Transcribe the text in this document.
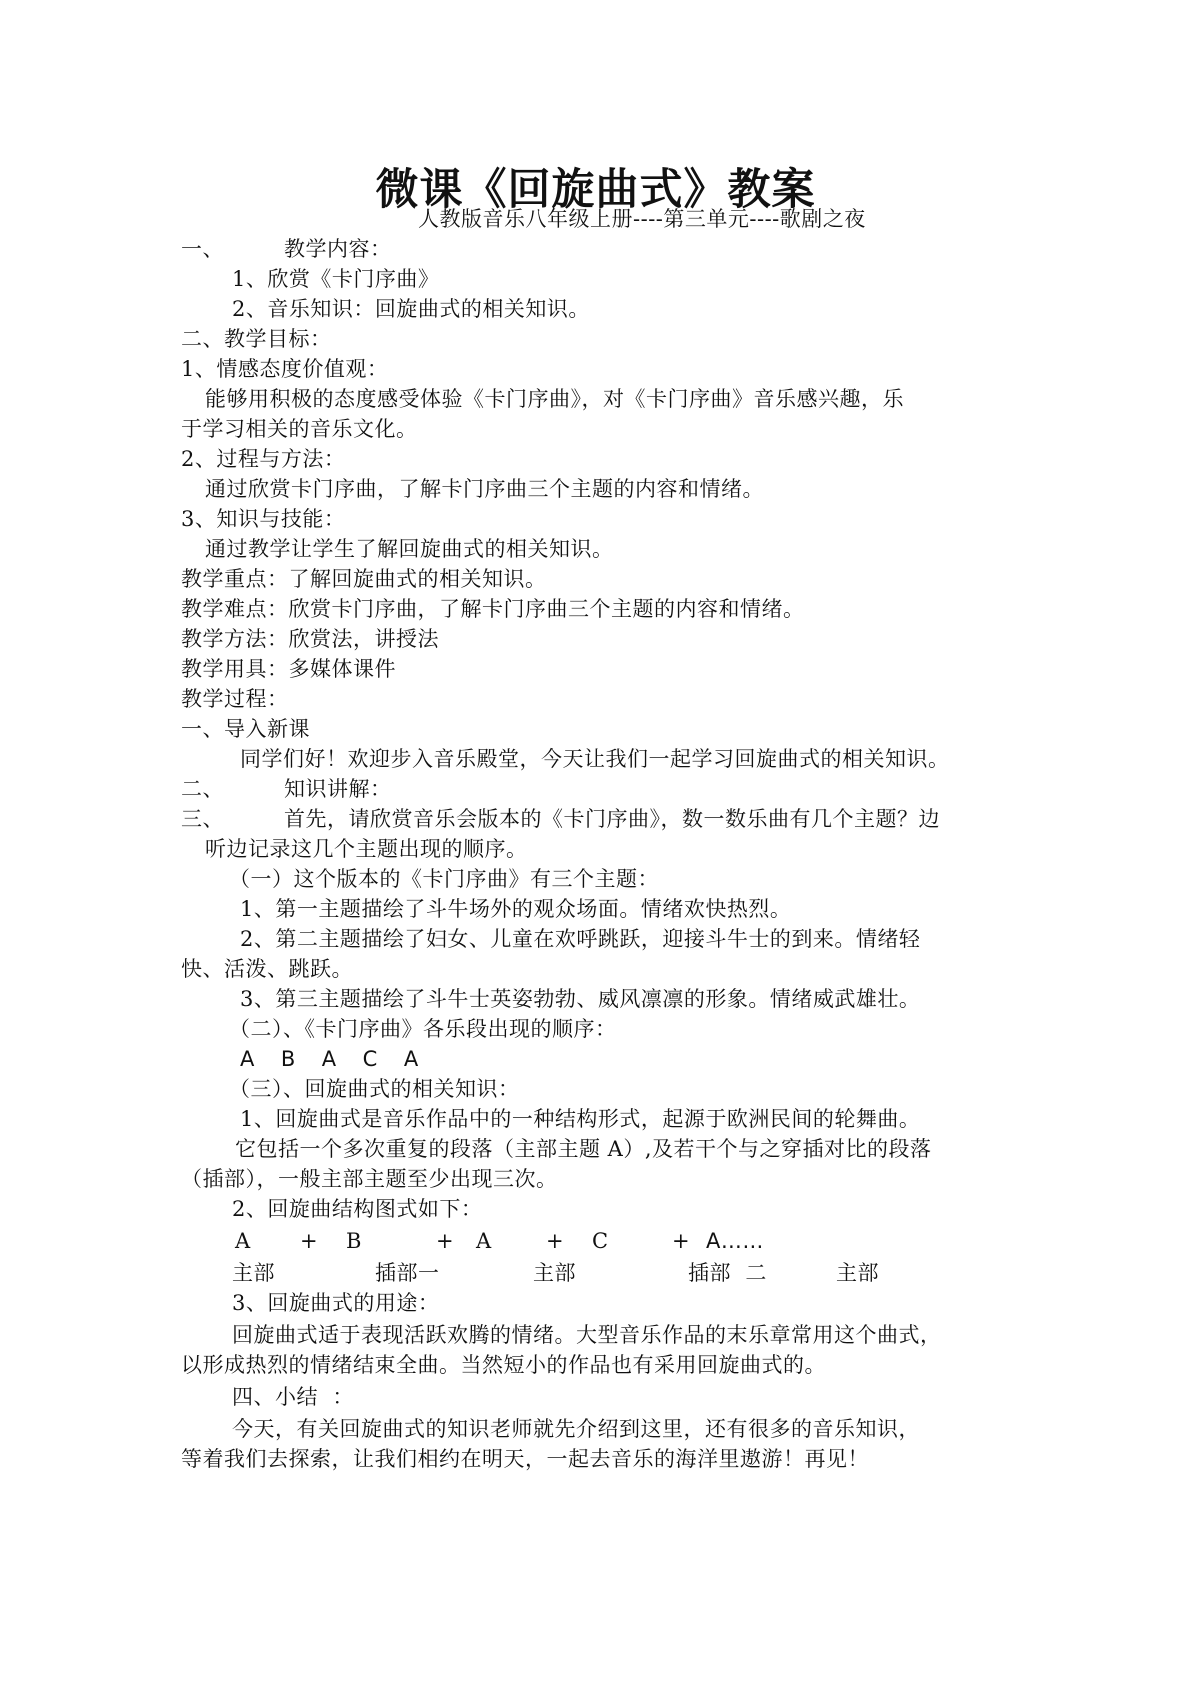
微课《回旋曲式》教案
人教版音乐八年级上册----第三单元----歌剧之夜
一、	教学内容：
1、欣赏《卡门序曲》
2、音乐知识：回旋曲式的相关知识。
二、教学目标：
1、情感态度价值观：
能够用积极的态度感受体验《卡门序曲》，对《卡门序曲》音乐感兴趣，乐
于学习相关的音乐文化。
2、过程与方法：
通过欣赏卡门序曲，了解卡门序曲三个主题的内容和情绪。
3、知识与技能：
通过教学让学生了解回旋曲式的相关知识。
教学重点：了解回旋曲式的相关知识。
教学难点：欣赏卡门序曲，了解卡门序曲三个主题的内容和情绪。
教学方法：欣赏法，讲授法
教学用具：多媒体课件
教学过程：
一、导入新课
同学们好！欢迎步入音乐殿堂，今天让我们一起学习回旋曲式的相关知识。
二、	知识讲解：
三、	首先，请欣赏音乐会版本的《卡门序曲》，数一数乐曲有几个主题？边
听边记录这几个主题出现的顺序。
（一）这个版本的《卡门序曲》有三个主题：
1、第一主题描绘了斗牛场外的观众场面。情绪欢快热烈。
2、第二主题描绘了妇女、儿童在欢呼跳跃，迎接斗牛士的到来。情绪轻
快、活泼、跳跃。
3、第三主题描绘了斗牛士英姿勃勃、威风凛凛的形象。情绪威武雄壮。
（二）、《卡门序曲》各乐段出现的顺序：
A B A C A
（三）、回旋曲式的相关知识：
1、回旋曲式是音乐作品中的一种结构形式，起源于欧洲民间的轮舞曲。
它包括一个多次重复的段落（主部主题 A）,及若干个与之穿插对比的段落
（插部），一般主部主题至少出现三次。
2、回旋曲结构图式如下：
A + B	+ A	+ C	+ A……
主部	插部一	主部	插部  二	主部
3、回旋曲式的用途：
回旋曲式适于表现活跃欢腾的情绪。大型音乐作品的末乐章常用这个曲式，
以形成热烈的情绪结束全曲。当然短小的作品也有采用回旋曲式的。
四、小结  ：
今天，有关回旋曲式的知识老师就先介绍到这里，还有很多的音乐知识，
等着我们去探索，让我们相约在明天，一起去音乐的海洋里遨游！再见！
